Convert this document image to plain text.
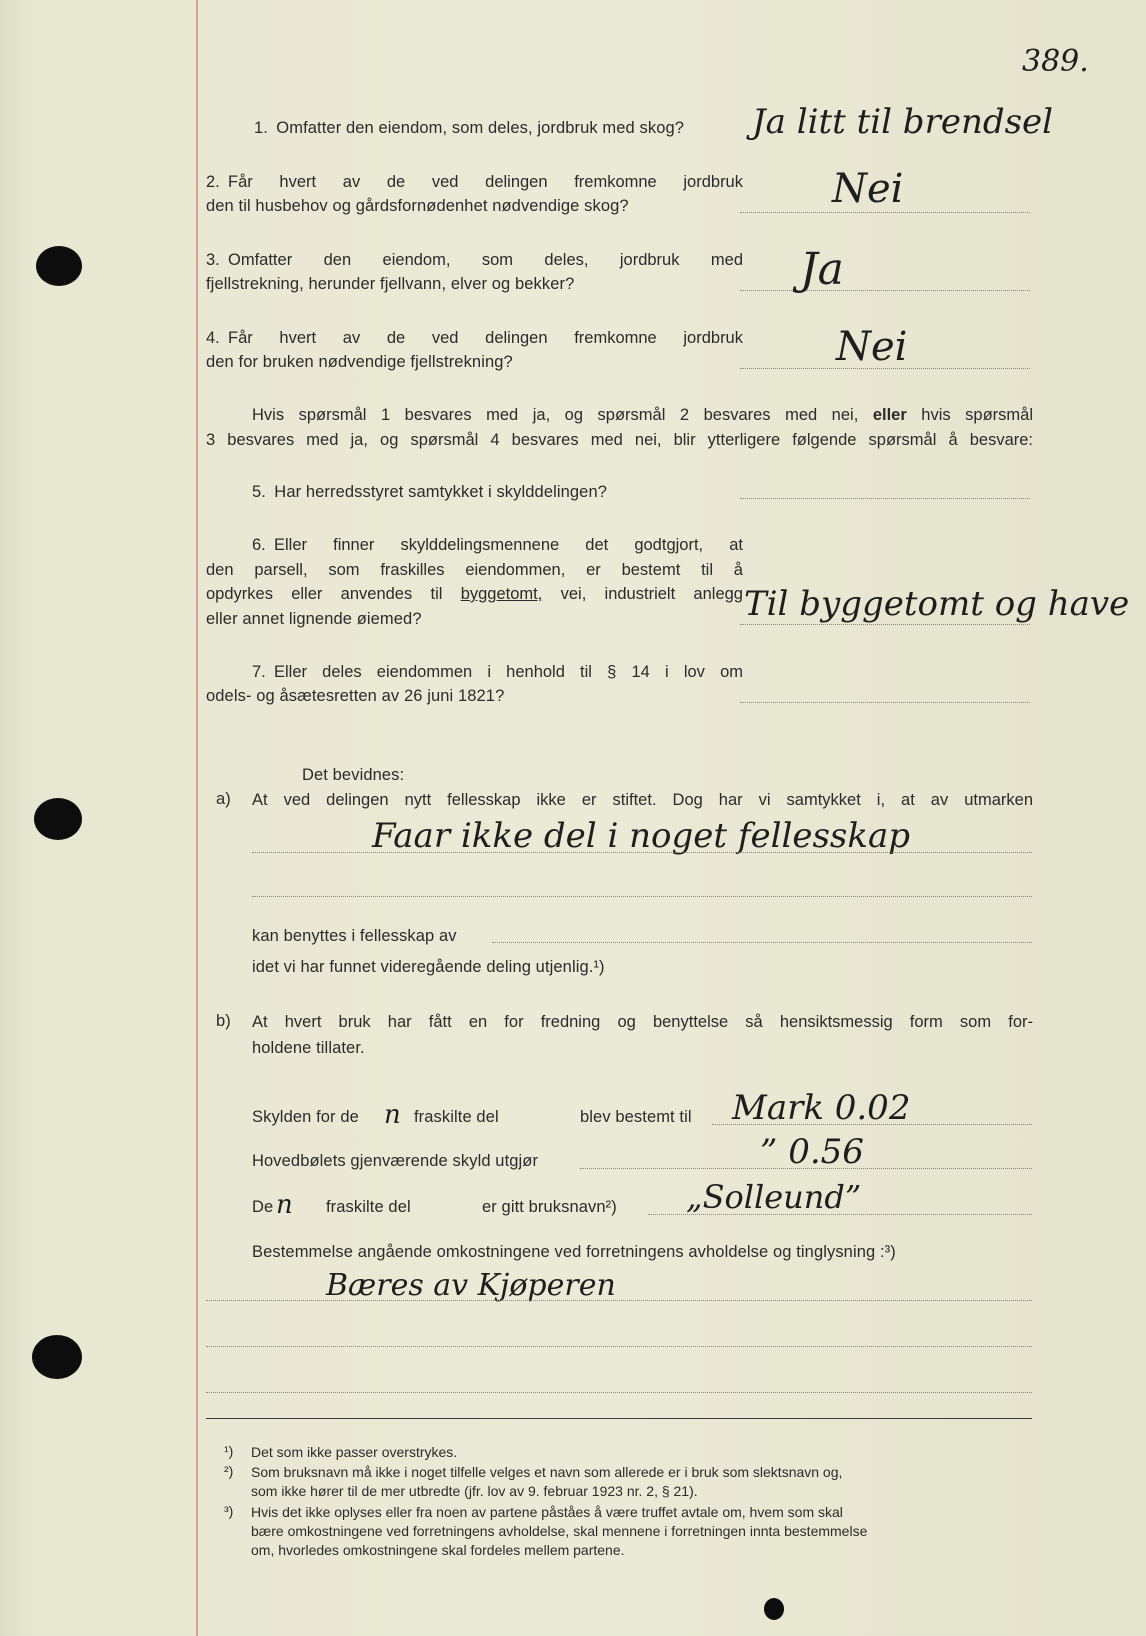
389.
1. Omfatter den eiendom, som deles, jordbruk med skog? Ja litt til brendsel
2. Får hvert av de ved delingen fremkomne jordbruk
den til husbehov og gårdsfornødenhet nødvendige skog?	Nei
3. Omfatter den eiendom, som deles, jordbruk med
fjellstrekning, herunder fjellvann, elver og bekker?	Ja
4. Får hvert av de ved delingen fremkomne jordbruk
den for bruken nødvendige fjellstrekning?	Nei
Hvis spørsmål 1 besvares med ja, og spørsmål 2 besvares med nei, eller hvis spørsmål
3 besvares med ja, og spørsmål 4 besvares med nei, blir ytterligere følgende spørsmål å besvare:
5. Har herredsstyret samtykket i skylddelingen?
6. Eller finner skylddelingsmennene det godtgjort, at
den parsell, som fraskilles eiendommen, er bestemt til å
opdyrkes eller anvendes til byggetomt, vei, industrielt anlegg
eller annet lignende øiemed?	Til byggetomt og have
7. Eller deles eiendommen i henhold til § 14 i lov om
odels- og åsætesretten av 26 juni 1821?
Det bevidnes:
a) At ved delingen nytt fellesskap ikke er stiftet. Dog har vi samtykket i, at av utmarken
Faar ikke del i noget fellesskap
kan benyttes i fellesskap av
idet vi har funnet videregående deling utjenlig.¹)
b) At hvert bruk har fått en for fredning og benyttelse så hensiktsmessig form som for-
holdene tillater.
Skylden for de n fraskilte del	blev bestemt til Mark 0.02
Hovedbølets gjenværende skyld utgjør	” 0.56
De n fraskilte del	er gitt bruksnavn²) „Solleund”
Bestemmelse angående omkostningene ved forretningens avholdelse og tinglysning :³)
Bæres av Kjøperen
¹) Det som ikke passer overstrykes.
²) Som bruksnavn må ikke i noget tilfelle velges et navn som allerede er i bruk som slektsnavn og,
som ikke hører til de mer utbredte (jfr. lov av 9. februar 1923 nr. 2, § 21).
³) Hvis det ikke oplyses eller fra noen av partene påståes å være truffet avtale om, hvem som skal
bære omkostningene ved forretningens avholdelse, skal mennene i forretningen innta bestemmelse
om, hvorledes omkostningene skal fordeles mellem partene.
